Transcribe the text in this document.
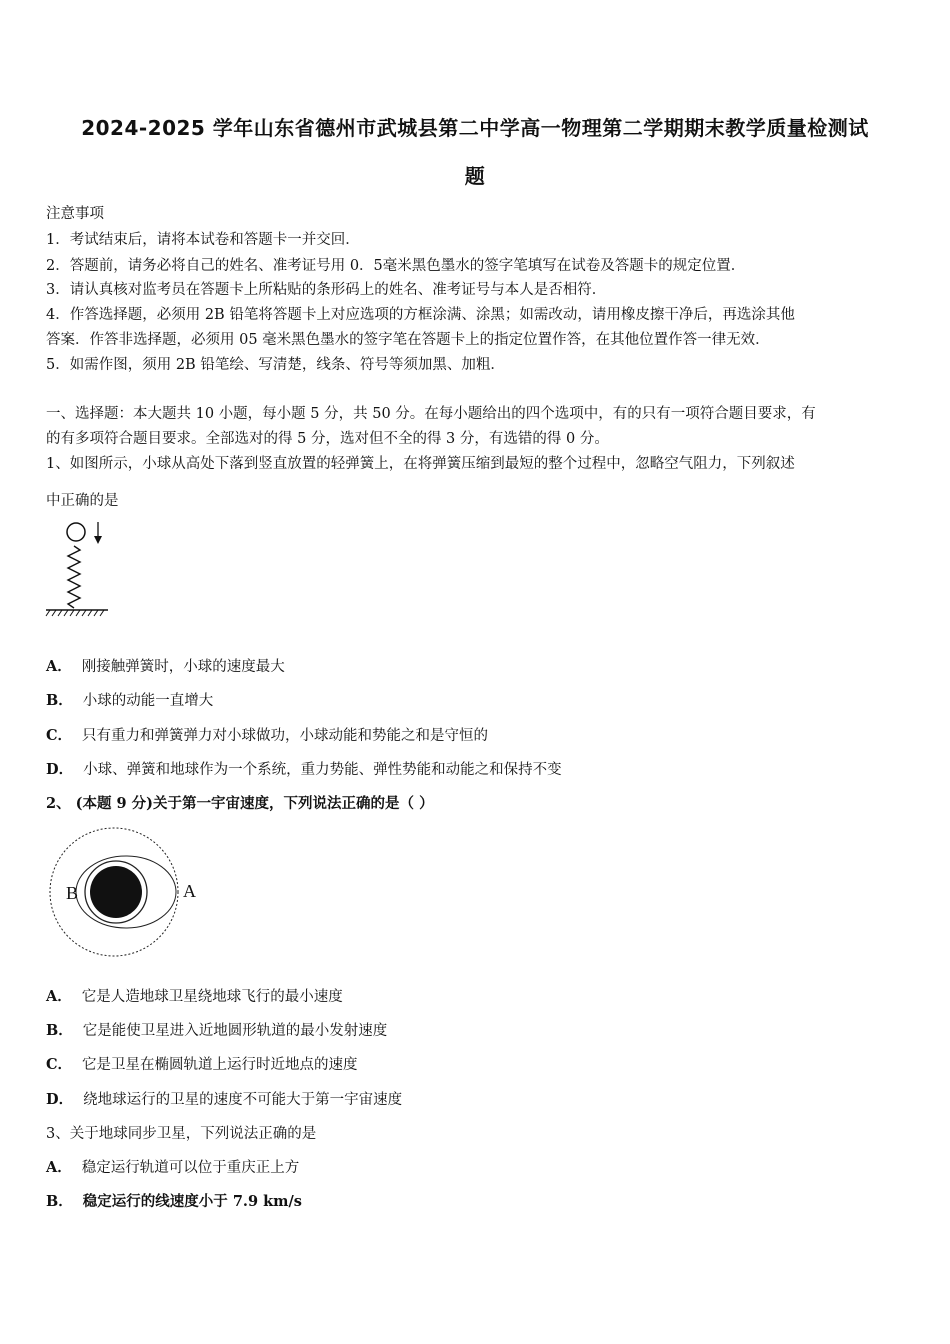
2024-2025 学年山东省德州市武城县第二中学高一物理第二学期期末教学质量检测试
题
注意事项
1．考试结束后，请将本试卷和答题卡一并交回．
2．答题前，请务必将自己的姓名、准考证号用 0．5毫米黑色墨水的签字笔填写在试卷及答题卡的规定位置．
3．请认真核对监考员在答题卡上所粘贴的条形码上的姓名、准考证号与本人是否相符．
4．作答选择题，必须用 2B 铅笔将答题卡上对应选项的方框涂满、涂黑；如需改动，请用橡皮擦干净后，再选涂其他
答案．作答非选择题，必须用 05 毫米黑色墨水的签字笔在答题卡上的指定位置作答，在其他位置作答一律无效．
5．如需作图，须用 2B 铅笔绘、写清楚，线条、符号等须加黑、加粗．
一、选择题：本大题共 10 小题，每小题 5 分，共 50 分。在每小题给出的四个选项中，有的只有一项符合题目要求，有
的有多项符合题目要求。全部选对的得 5 分，选对但不全的得 3 分，有选错的得 0 分。
1、如图所示，小球从高处下落到竖直放置的轻弹簧上，在将弹簧压缩到最短的整个过程中，忽略空气阻力，下列叙述
中正确的是
A． 刚接触弹簧时，小球的速度最大
B． 小球的动能一直增大
C． 只有重力和弹簧弹力对小球做功，小球动能和势能之和是守恒的
D． 小球、弹簧和地球作为一个系统，重力势能、弹性势能和动能之和保持不变
2、 (本题 9 分)关于第一宇宙速度，下列说法正确的是（ ）
B	A
A． 它是人造地球卫星绕地球飞行的最小速度
B． 它是能使卫星进入近地圆形轨道的最小发射速度
C． 它是卫星在椭圆轨道上运行时近地点的速度
D． 绕地球运行的卫星的速度不可能大于第一宇宙速度
3、关于地球同步卫星，下列说法正确的是
A． 稳定运行轨道可以位于重庆正上方
B． 稳定运行的线速度小于 7.9 km/s
